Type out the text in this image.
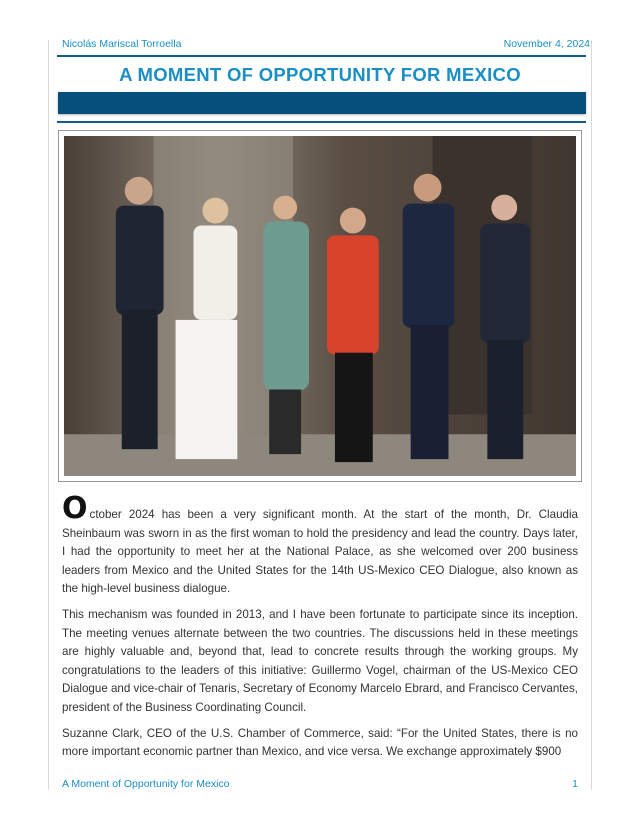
Nicolás Mariscal Torroella	November 4, 2024
A MOMENT OF OPPORTUNITY FOR MEXICO

October 2024 has been a very significant month. At the start of the month, Dr. Claudia Sheinbaum was sworn in as the first woman to hold the presidency and lead the country. Days later, I had the opportunity to meet her at the National Palace, as she welcomed over 200 business leaders from Mexico and the United States for the 14th US-Mexico CEO Dialogue, also known as the high-level business dialogue.

This mechanism was founded in 2013, and I have been fortunate to participate since its inception. The meeting venues alternate between the two countries. The discussions held in these meetings are highly valuable and, beyond that, lead to concrete results through the working groups. My congratulations to the leaders of this initiative: Guillermo Vogel, chairman of the US-Mexico CEO Dialogue and vice-chair of Tenaris, Secretary of Economy Marcelo Ebrard, and Francisco Cervantes, president of the Business Coordinating Council.

Suzanne Clark, CEO of the U.S. Chamber of Commerce, said: “For the United States, there is no more important economic partner than Mexico, and vice versa. We exchange approximately $900

A Moment of Opportunity for Mexico	1
